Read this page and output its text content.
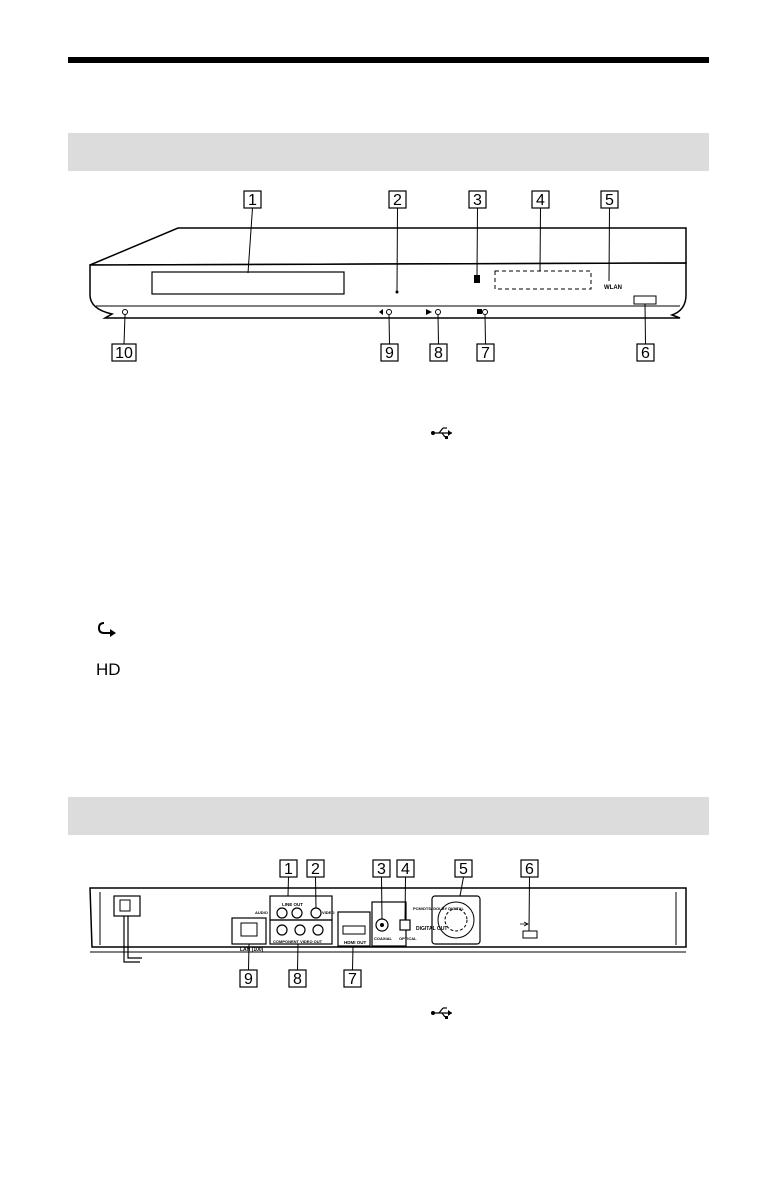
WLAN
1	2	3	4	5
10	9	8 7	6
HD
LAN (100)
LINE OUT
AUDIO	VIDEO
COMPONENT VIDEO OUT	HDMI OUT
COAXIAL OPTICAL
PCM/DTS/ DOLBY DIGITAL
DIGITAL OUT
1 2	3 4	5	6
9	8	7
